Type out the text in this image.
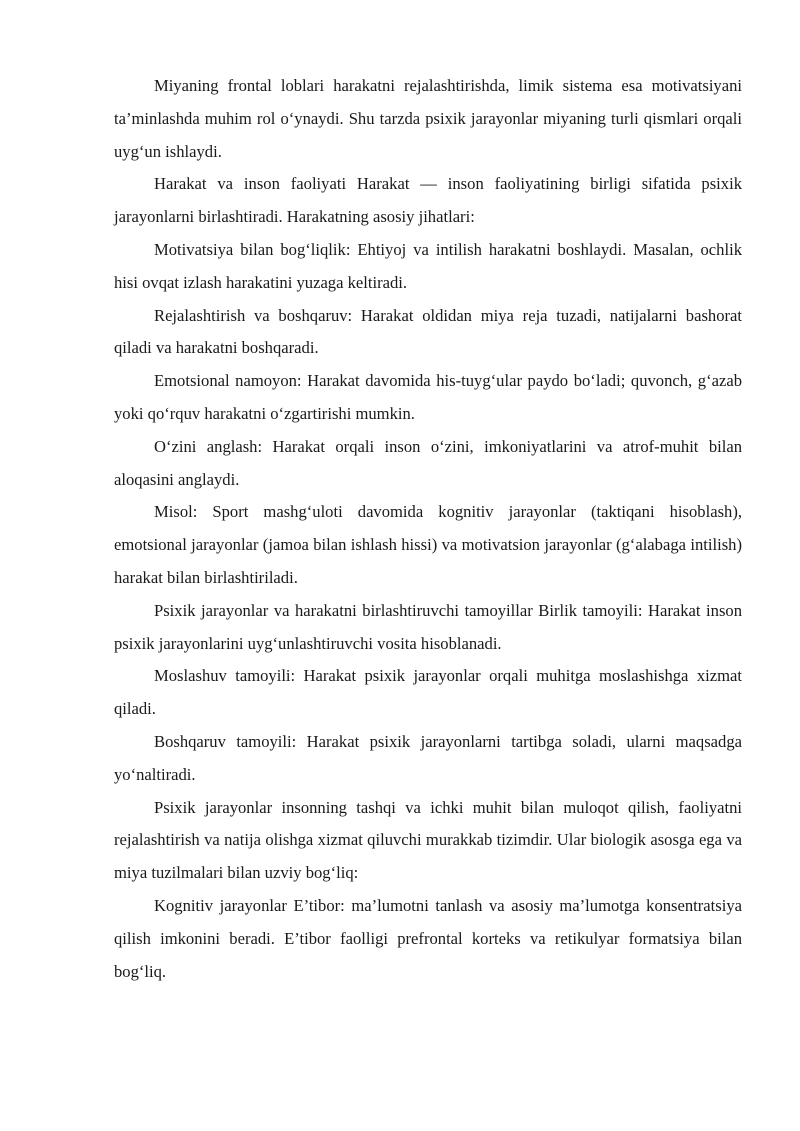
Miyaning frontal loblari harakatni rejalashtirishda, limik sistema esa motivatsiyani ta’minlashda muhim rol o‘ynaydi. Shu tarzda psixik jarayonlar miyaning turli qismlari orqali uyg‘un ishlaydi.

Harakat va inson faoliyati Harakat — inson faoliyatining birligi sifatida psixik jarayonlarni birlashtiradi. Harakatning asosiy jihatlari:

Motivatsiya bilan bog‘liqlik: Ehtiyoj va intilish harakatni boshlaydi. Masalan, ochlik hisi ovqat izlash harakatini yuzaga keltiradi.

Rejalashtirish va boshqaruv: Harakat oldidan miya reja tuzadi, natijalarni bashorat qiladi va harakatni boshqaradi.

Emotsional namoyon: Harakat davomida his-tuyg‘ular paydo bo‘ladi; quvonch, g‘azab yoki qo‘rquv harakatni o‘zgartirishi mumkin.

O‘zini anglash: Harakat orqali inson o‘zini, imkoniyatlarini va atrof-muhit bilan aloqasini anglaydi.

Misol: Sport mashg‘uloti davomida kognitiv jarayonlar (taktiqani hisoblash), emotsional jarayonlar (jamoa bilan ishlash hissi) va motivatsion jarayonlar (g‘alabaga intilish) harakat bilan birlashtiriladi.

Psixik jarayonlar va harakatni birlashtiruvchi tamoyillar Birlik tamoyili: Harakat inson psixik jarayonlarini uyg‘unlashtiruvchi vosita hisoblanadi.

Moslashuv tamoyili: Harakat psixik jarayonlar orqali muhitga moslashishga xizmat qiladi.

Boshqaruv tamoyili: Harakat psixik jarayonlarni tartibga soladi, ularni maqsadga yo‘naltiradi.

Psixik jarayonlar insonning tashqi va ichki muhit bilan muloqot qilish, faoliyatni rejalashtirish va natija olishga xizmat qiluvchi murakkab tizimdir. Ular biologik asosga ega va miya tuzilmalari bilan uzviy bog‘liq:

Kognitiv jarayonlar E’tibor: ma’lumotni tanlash va asosiy ma’lumotga konsentratsiya qilish imkonini beradi. E’tibor faolligi prefrontal korteks va retikulyar formatsiya bilan bog‘liq.
